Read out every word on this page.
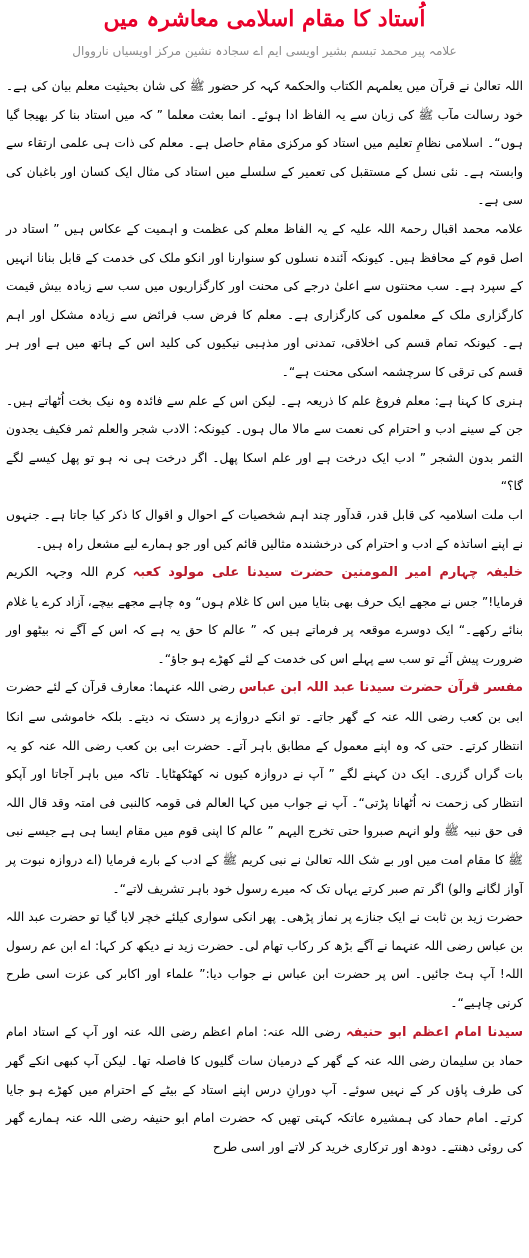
اُستاد کا مقام اسلامی معاشرہ میں
علامہ پیر محمد تبسم بشیر اویسی ایم اے سجادہ نشین مرکز اویسیاں نارووال

اللہ تعالیٰ نے قرآن میں یعلمہم الکتاب والحکمۃ کہہ کر حضور ﷺ کی شان بحیثیت معلم بیان کی ہے۔ خود رسالت مآب ﷺ کی زبان سے یہ الفاظ ادا ہوئے۔ انما بعثت معلما ” کہ میں استاد بنا کر بھیجا گیا ہوں“۔ اسلامی نظامِ تعلیم میں استاد کو مرکزی مقام حاصل ہے۔ معلم کی ذات ہی علمی ارتقاء سے وابستہ ہے۔ نئی نسل کے مستقبل کی تعمیر کے سلسلے میں استاد کی مثال ایک کسان اور باغبان کی سی ہے۔

علامہ محمد اقبال رحمۃ اللہ علیہ کے یہ الفاظ معلم کی عظمت و اہمیت کے عکاس ہیں ” استاد در اصل قوم کے محافظ ہیں۔ کیونکہ آئندہ نسلوں کو سنوارنا اور انکو ملک کی خدمت کے قابل بنانا انہیں کے سپرد ہے۔ سب محنتوں سے اعلیٰ درجے کی محنت اور کارگزاریوں میں سب سے زیادہ بیش قیمت کارگزاری ملک کے معلموں کی کارگزاری ہے۔ معلم کا فرض سب فرائض سے زیادہ مشکل اور اہم ہے۔ کیونکہ تمام قسم کی اخلاقی، تمدنی اور مذہبی نیکیوں کی کلید اس کے ہاتھ میں ہے اور ہر قسم کی ترقی کا سرچشمہ اسکی محنت ہے“۔

ہنری کا کہنا ہے: معلم فروغ علم کا ذریعہ ہے۔ لیکن اس کے علم سے فائدہ وہ نیک بخت اُٹھاتے ہیں۔ جن کے سینے ادب و احترام کی نعمت سے مالا مال ہوں۔ کیونکہ: الادب شجر والعلم ثمر فکیف یجدون الثمر بدون الشجر ” ادب ایک درخت ہے اور علم اسکا پھل۔ اگر درخت ہی نہ ہو تو پھل کیسے لگے گا؟“

اب ملت اسلامیہ کی قابل قدر، قدآور چند اہم شخصیات کے احوال و اقوال کا ذکر کیا جاتا ہے۔ جنہوں نے اپنے اساتذہ کے ادب و احترام کی درخشندہ مثالیں قائم کیں اور جو ہمارے لیے مشعل راہ ہیں۔

خلیفہ چہارم امیر المومنین حضرت سیدنا علی مولود کعبہ کرم اللہ وجہہ الکریم فرمایا!” جس نے مجھے ایک حرف بھی بتایا میں اس کا غلام ہوں“ وہ چاہے مجھے بیچے، آزاد کرے یا غلام بنائے رکھے۔“ ایک دوسرے موقعہ پر فرماتے ہیں کہ ” عالم کا حق یہ ہے کہ اس کے آگے نہ بیٹھو اور ضرورت پیش آئے تو سب سے پہلے اس کی خدمت کے لئے کھڑے ہو جاؤ“۔

مفسر قرآن حضرت سیدنا عبد اللہ ابن عباس رضی اللہ عنہما: معارف قرآن کے لئے حضرت ابی بن کعب رضی اللہ عنہ کے گھر جاتے۔ تو انکے دروازے پر دستک نہ دیتے۔ بلکہ خاموشی سے انکا انتظار کرتے۔ حتی کہ وہ اپنے معمول کے مطابق باہر آتے۔ حضرت ابی بن کعب رضی اللہ عنہ کو یہ بات گراں گزری۔ ایک دن کہنے لگے ” آپ نے دروازہ کیوں نہ کھٹکھٹایا۔ تاکہ میں باہر آجاتا اور آپکو انتظار کی زحمت نہ اُٹھانا پڑتی“۔ آپ نے جواب میں کہا العالم فی قومہ کالنبی فی امتہ وقد قال اللہ فی حق نبیہ ﷺ ولو انہم صبروا حتی تخرج الیہم ” عالم کا اپنی قوم میں مقام ایسا ہی ہے جیسے نبی ﷺ کا مقام امت میں اور بے شک اللہ تعالیٰ نے نبی کریم ﷺ کے ادب کے بارے فرمایا (اے دروازہ نبوت پر آواز لگانے والو) اگر تم صبر کرتے یہاں تک کہ میرے رسول خود باہر تشریف لاتے“۔

حضرت زید بن ثابت نے ایک جنازے پر نماز پڑھی۔ پھر انکی سواری کیلئے خچر لایا گیا تو حضرت عبد اللہ بن عباس رضی اللہ عنہما نے آگے بڑھ کر رکاب تھام لی۔ حضرت زید نے دیکھ کر کہا: اے ابن عم رسول اللہ! آپ ہٹ جائیں۔ اس پر حضرت ابن عباس نے جواب دیا:” علماء اور اکابر کی عزت اسی طرح کرنی چاہیے“۔

سیدنا امام اعظم ابو حنیفہ رضی اللہ عنہ: امام اعظم رضی اللہ عنہ اور آپ کے استاد امام حماد بن سلیمان رضی اللہ عنہ کے گھر کے درمیان سات گلیوں کا فاصلہ تھا۔ لیکن آپ کبھی انکے گھر کی طرف پاؤں کر کے نہیں سوئے۔ آپ دورانِ درس اپنے استاد کے بیٹے کے احترام میں کھڑے ہو جایا کرتے۔ امام حماد کی ہمشیرہ عاتکہ کہتی تھیں کہ حضرت امام ابو حنیفہ رضی اللہ عنہ ہمارے گھر کی روئی دھنتے۔ دودھ اور ترکاری خرید کر لاتے اور اسی طرح
